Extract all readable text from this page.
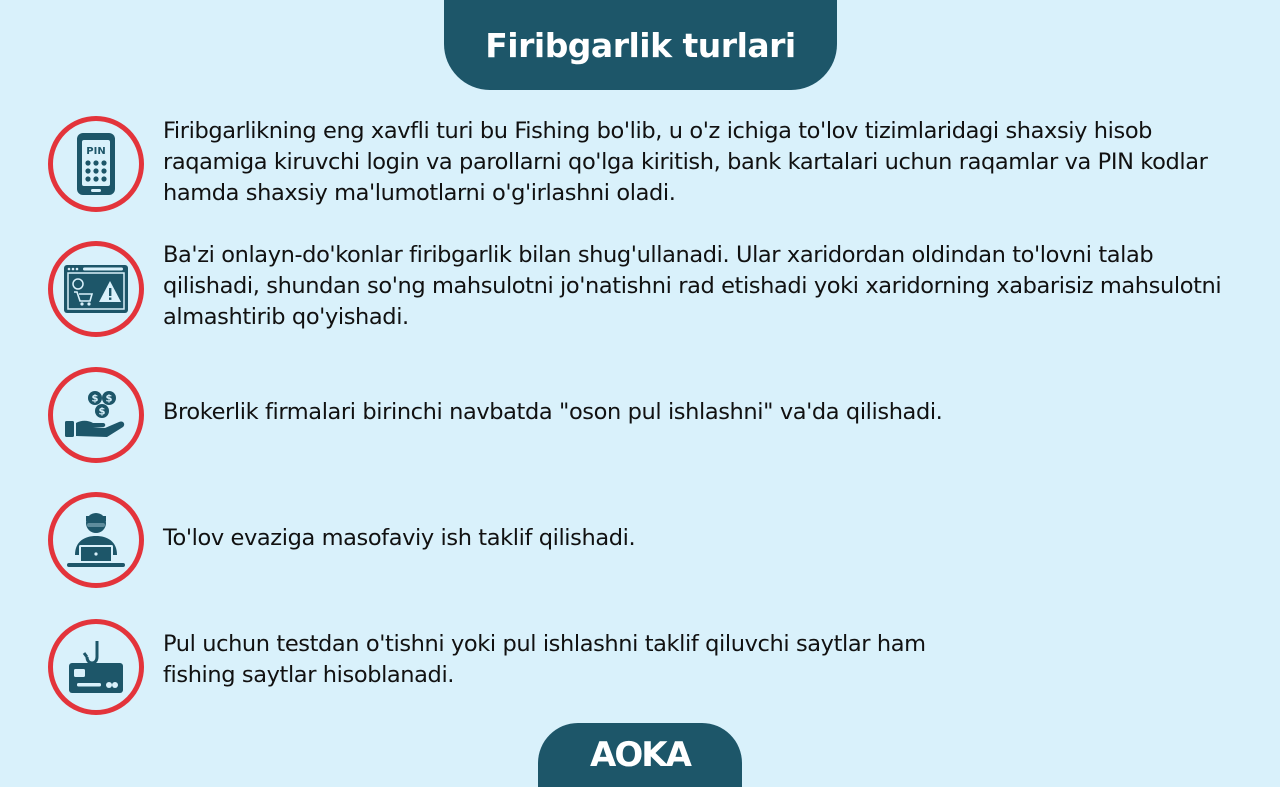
Firibgarlik turlari
PIN

Firibgarlikning eng xavfli turi bu Fishing bo'lib, u o'z ichiga to'lov tizimlaridagi shaxsiy hisob raqamiga kiruvchi login va parollarni qo'lga kiritish, bank kartalari uchun raqamlar va PIN kodlar hamda shaxsiy ma'lumotlarni o'g'irlashni oladi.

Ba'zi onlayn-do'konlar firibgarlik bilan shug'ullanadi. Ular xaridordan oldindan to'lovni talab qilishadi, shundan so'ng mahsulotni jo'natishni rad etishadi yoki xaridorning xabarisiz mahsulotni almashtirib qo'yishadi.

$ $
$	Brokerlik firmalari birinchi navbatda "oson pul ishlashni" va'da qilishadi.

To'lov evaziga masofaviy ish taklif qilishadi.

Pul uchun testdan o'tishni yoki pul ishlashni taklif qiluvchi saytlar ham fishing saytlar hisoblanadi.

AOKA
